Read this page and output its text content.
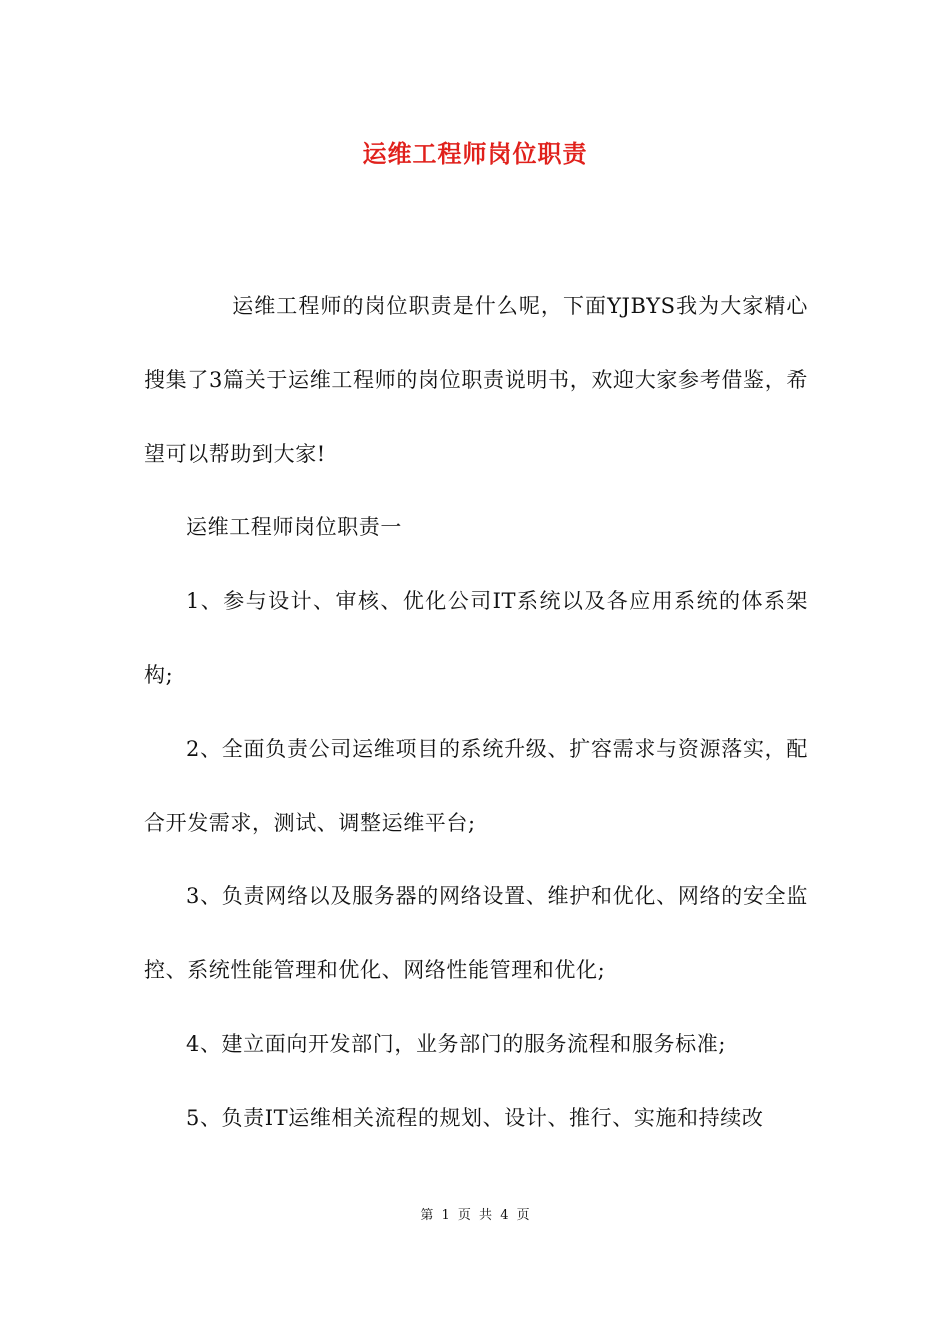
运维工程师岗位职责

运维工程师的岗位职责是什么呢，下面YJBYS我为大家精心搜集了3篇关于运维工程师的岗位职责说明书，欢迎大家参考借鉴，希望可以帮助到大家!

运维工程师岗位职责一

1、参与设计、审核、优化公司IT系统以及各应用系统的体系架构;

2、全面负责公司运维项目的系统升级、扩容需求与资源落实，配合开发需求，测试、调整运维平台;

3、负责网络以及服务器的网络设置、维护和优化、网络的安全监控、系统性能管理和优化、网络性能管理和优化;

4、建立面向开发部门，业务部门的服务流程和服务标准;

5、负责IT运维相关流程的规划、设计、推行、实施和持续改

第 1 页 共 4 页
